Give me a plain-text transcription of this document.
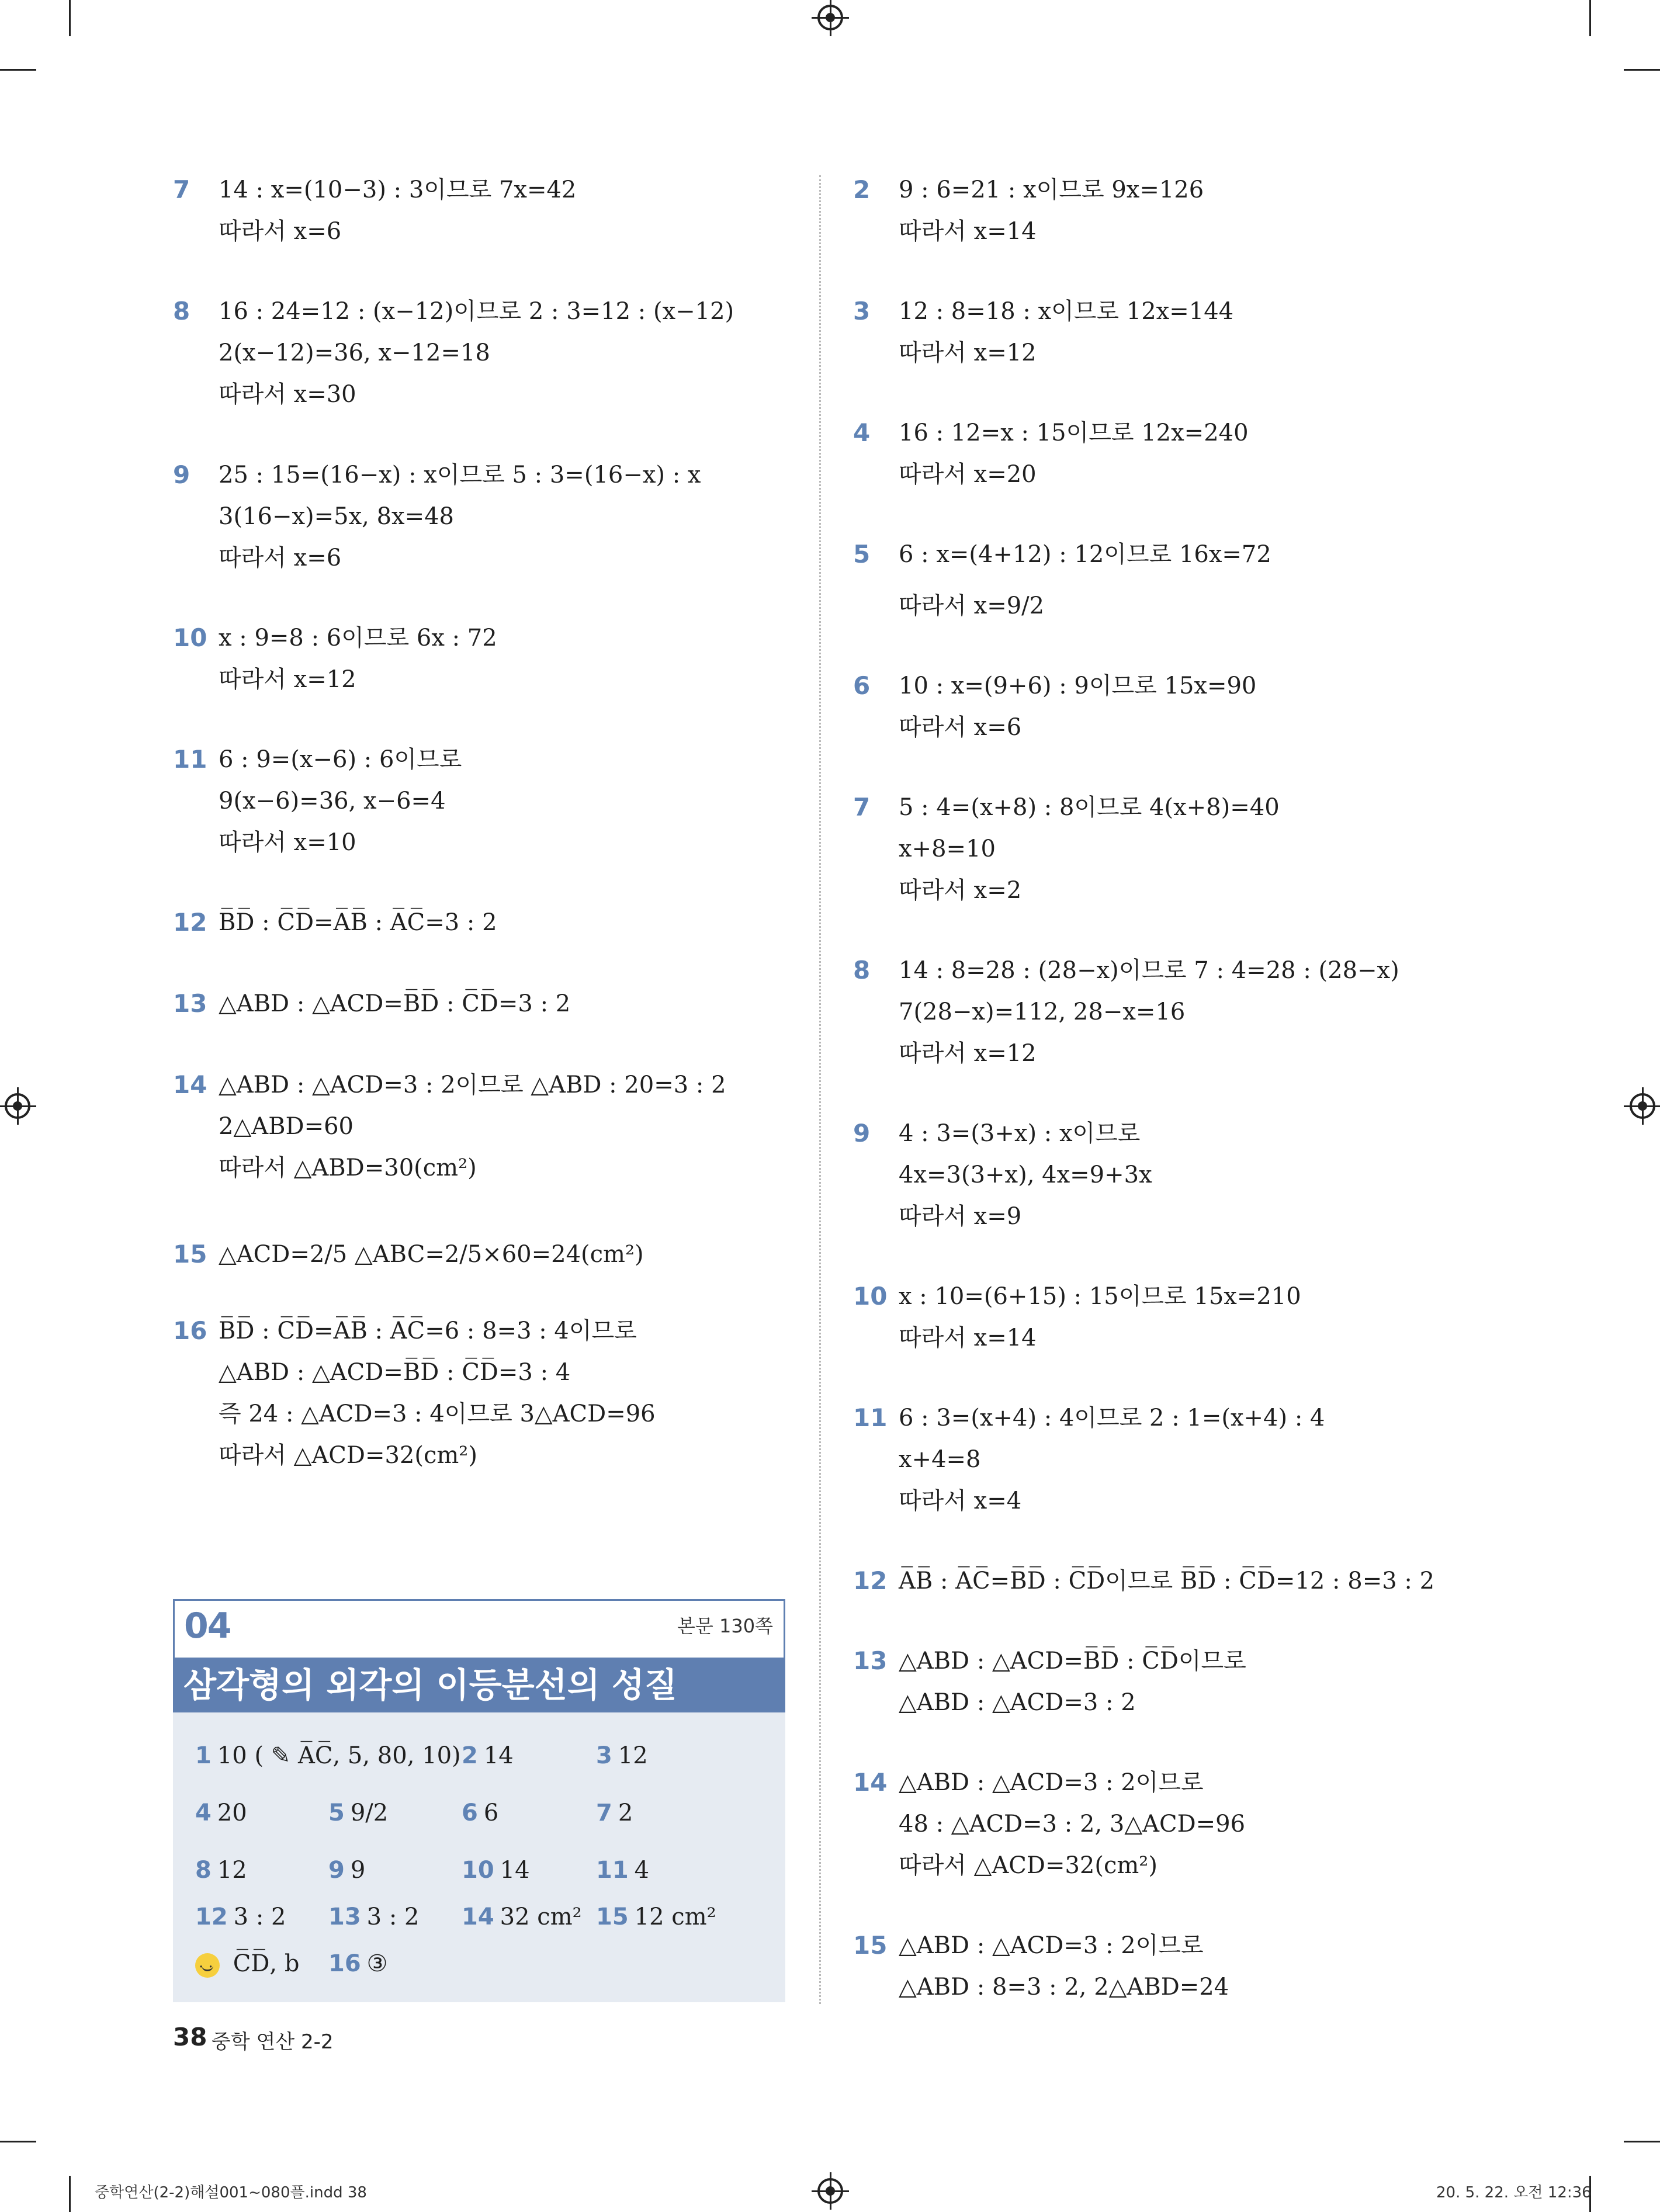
7 14 : x=(10−3) : 3이므로 7x=42
따라서 x=6
8 16 : 24=12 : (x−12)이므로 2 : 3=12 : (x−12)
2(x−12)=36, x−12=18
따라서 x=30
9 25 : 15=(16−x) : x이므로 5 : 3=(16−x) : x
3(16−x)=5x, 8x=48
따라서 x=6
10 x : 9=8 : 6이므로 6x : 72
따라서 x=12
11 6 : 9=(x−6) : 6이므로
9(x−6)=36, x−6=4
따라서 x=10
12 B̅D̅ : C̅D̅=A̅B̅ : A̅C̅=3 : 2
13 △ABD : △ACD=B̅D̅ : C̅D̅=3 : 2
14 △ABD : △ACD=3 : 2이므로 △ABD : 20=3 : 2
2△ABD=60
따라서 △ABD=30(cm²)
15 △ACD=2/5 △ABC=2/5×60=24(cm²)
16 B̅D̅ : C̅D̅=A̅B̅ : A̅C̅=6 : 8=3 : 4이므로
△ABD : △ACD=B̅D̅ : C̅D̅=3 : 4
즉 24 : △ACD=3 : 4이므로 3△ACD=96
따라서 △ACD=32(cm²)
2 9 : 6=21 : x이므로 9x=126
따라서 x=14
3 12 : 8=18 : x이므로 12x=144
따라서 x=12
4 16 : 12=x : 15이므로 12x=240
따라서 x=20
5 6 : x=(4+12) : 12이므로 16x=72
따라서 x=9/2
6 10 : x=(9+6) : 9이므로 15x=90
따라서 x=6
7 5 : 4=(x+8) : 8이므로 4(x+8)=40
x+8=10
따라서 x=2
8 14 : 8=28 : (28−x)이므로 7 : 4=28 : (28−x)
7(28−x)=112, 28−x=16
따라서 x=12
9 4 : 3=(3+x) : x이므로
4x=3(3+x), 4x=9+3x
따라서 x=9
10 x : 10=(6+15) : 15이므로 15x=210
따라서 x=14
11 6 : 3=(x+4) : 4이므로 2 : 1=(x+4) : 4
x+4=8
따라서 x=4
12 A̅B̅ : A̅C̅=B̅D̅ : C̅D̅이므로 B̅D̅ : C̅D̅=12 : 8=3 : 2
13 △ABD : △ACD=B̅D̅ : C̅D̅이므로
△ABD : △ACD=3 : 2
14 △ABD : △ACD=3 : 2이므로
48 : △ACD=3 : 2, 3△ACD=96
따라서 △ACD=32(cm²)
15 △ABD : △ACD=3 : 2이므로
△ABD : 8=3 : 2, 2△ABD=24
04	본문 130쪽
삼각형의 외각의 이등분선의 성질
1 10 ( ✎ A̅C̅, 5, 80, 10) 2 14	3 12
4 20	5 9/2	6 6	7 2
8 12	9 9	10 14	11 4
12 3 : 2 13 3 : 2 14 32 cm² 15 12 cm²
· · C̅D̅, b 16 ③
38 중학 연산 2-2
중학연산(2-2)해설001~080플.indd 38	20. 5. 22. 오전 12:36
